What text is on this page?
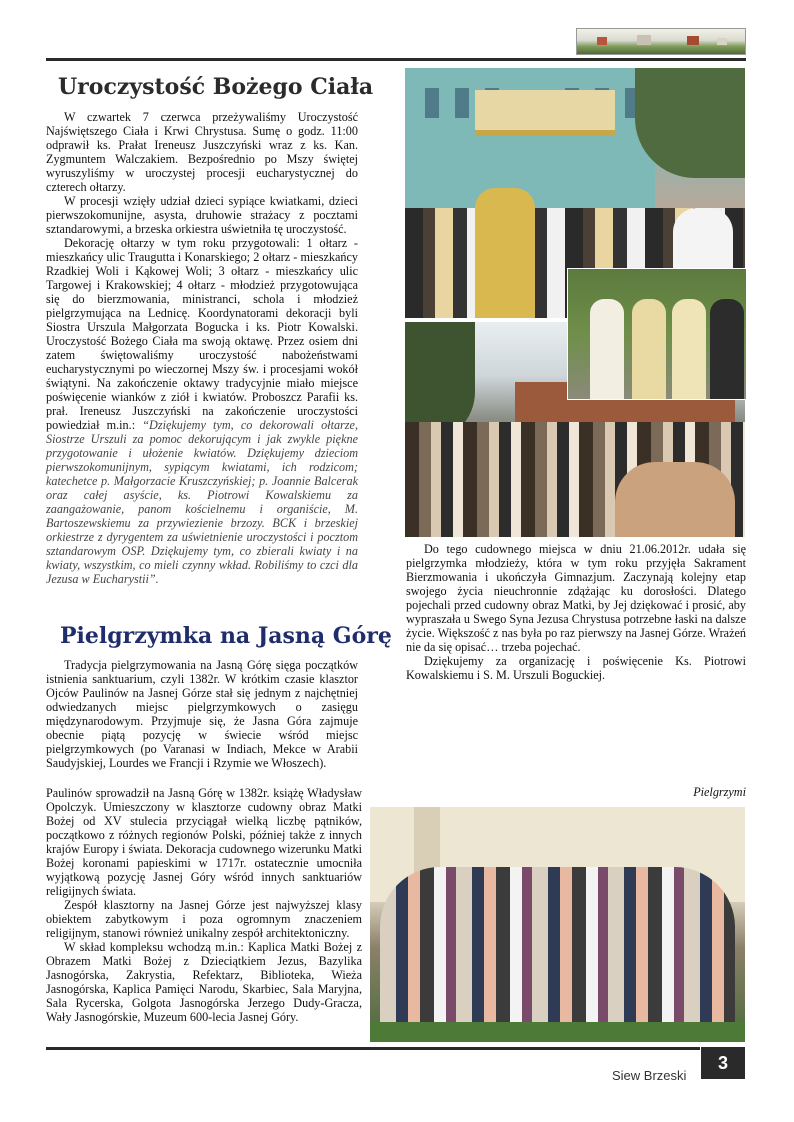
Uroczystość Bożego Ciała

W czwartek 7 czerwca przeżywaliśmy Uroczystość Najświętszego Ciała i Krwi Chrystusa. Sumę o godz. 11:00 odprawił ks. Prałat Ireneusz Juszczyński wraz z ks. Kan. Zygmuntem Walczakiem. Bezpośrednio po Mszy świętej wyruszyliśmy w uroczystej procesji eucharystycznej do czterech ołtarzy.

W procesji wzięły udział dzieci sypiące kwiatkami, dzieci pierwszokomunijne, asysta, druhowie strażacy z pocztami sztandarowymi, a brzeska orkiestra uświetniła tę uroczystość.

Dekorację ołtarzy w tym roku przygotowali: 1 ołtarz - mieszkańcy ulic Traugutta i Konarskiego; 2 ołtarz - mieszkańcy Rzadkiej Woli i Kąkowej Woli; 3 ołtarz - mieszkańcy ulic Targowej i Krakowskiej; 4 ołtarz - młodzież przygotowująca się do bierzmowania, ministranci, schola i młodzież pielgrzymująca na Lednicę. Koordynatorami dekoracji byli Siostra Urszula Małgorzata Bogucka i ks. Piotr Kowalski. Uroczystość Bożego Ciała ma swoją oktawę. Przez osiem dni zatem świętowaliśmy uroczystość nabożeństwami eucharystycznymi po wieczornej Mszy św. i procesjami wokół świątyni. Na zakończenie oktawy tradycyjnie miało miejsce poświęcenie wianków z ziół i kwiatów. Proboszcz Parafii ks. prał. Ireneusz Juszczyński na zakończenie uroczystości powiedział m.in.: “Dziękujemy tym, co dekorowali ołtarze, Siostrze Urszuli za pomoc dekorującym i jak zwykle piękne przygotowanie i ułożenie kwiatów. Dziękujemy dzieciom pierwszokomunijnym, sypiącym kwiatami, ich rodzicom; katechetce p. Małgorzacie Kruszczyńskiej; p. Joannie Balcerak oraz całej asyście, ks. Piotrowi Kowalskiemu za zaangażowanie, panom kościelnemu i organiście, M. Bartoszewskiemu za przywiezienie brzozy. BCK i brzeskiej orkiestrze z dyrygentem za uświetnienie uroczystości i pocztom sztandarowym OSP. Dziękujemy tym, co zbierali kwiaty i na kwiaty, wszystkim, co mieli czynny wkład. Robiliśmy to czci dla Jezusa w Eucharystii”.

Pielgrzymka na Jasną Górę

Tradycja pielgrzymowania na Jasną Górę sięga początków istnienia sanktuarium, czyli 1382r. W krótkim czasie klasztor Ojców Paulinów na Jasnej Górze stał się jednym z najchętniej odwiedzanych miejsc pielgrzymkowych o zasięgu międzynarodowym. Przyjmuje się, że Jasna Góra zajmuje obecnie piątą pozycję w świecie wśród miejsc pielgrzymkowych (po Varanasi w Indiach, Mekce w Arabii Saudyjskiej, Lourdes we Francji i Rzymie we Włoszech).

Do tego cudownego miejsca w dniu 21.06.2012r. udała się pielgrzymka młodzieży, która w tym roku przyjęła Sakrament Bierzmowania i ukończyła Gimnazjum. Zaczynają kolejny etap swojego życia nieuchronnie zdążając ku dorosłości. Dlatego pojechali przed cudowny obraz Matki, by Jej dziękować i prosić, aby wypraszała u Swego Syna Jezusa Chrystusa potrzebne łaski na dalsze życie. Większość z nas była po raz pierwszy na Jasnej Górze. Wrażeń nie da się opisać… trzeba pojechać.

Dziękujemy za organizację i poświęcenie Ks. Piotrowi Kowalskiemu i S. M. Urszuli Boguckiej.

Siew Brzeski
3

Paulinów sprowadził na Jasną Górę w 1382r. książę Władysław Opolczyk. Umieszczony w klasztorze cudowny obraz Matki Bożej od XV stulecia przyciągał wielką liczbę pątników, początkowo z różnych regionów Polski, później także z innych krajów Europy i świata. Dekoracja cudownego wizerunku Matki Bożej koronami papieskimi w 1717r. ostatecznie umocniła wyjątkową pozycję Jasnej Góry wśród innych sanktuariów religijnych świata.

Zespół klasztorny na Jasnej Górze jest najwyższej klasy obiektem zabytkowym i poza ogromnym znaczeniem religijnym, stanowi również unikalny zespół architektoniczny.

W skład kompleksu wchodzą m.in.: Kaplica Matki Bożej z Obrazem Matki Bożej z Dzieciątkiem Jezus, Bazylika Jasnogórska, Zakrystia, Refektarz, Biblioteka, Wieża Jasnogórska, Kaplica Pamięci Narodu, Skarbiec, Sala Maryjna, Sala Rycerska, Golgota Jasnogórska Jerzego Dudy-Gracza, Wały Jasnogórskie, Muzeum 600-lecia Jasnej Góry.

Pielgrzymi
